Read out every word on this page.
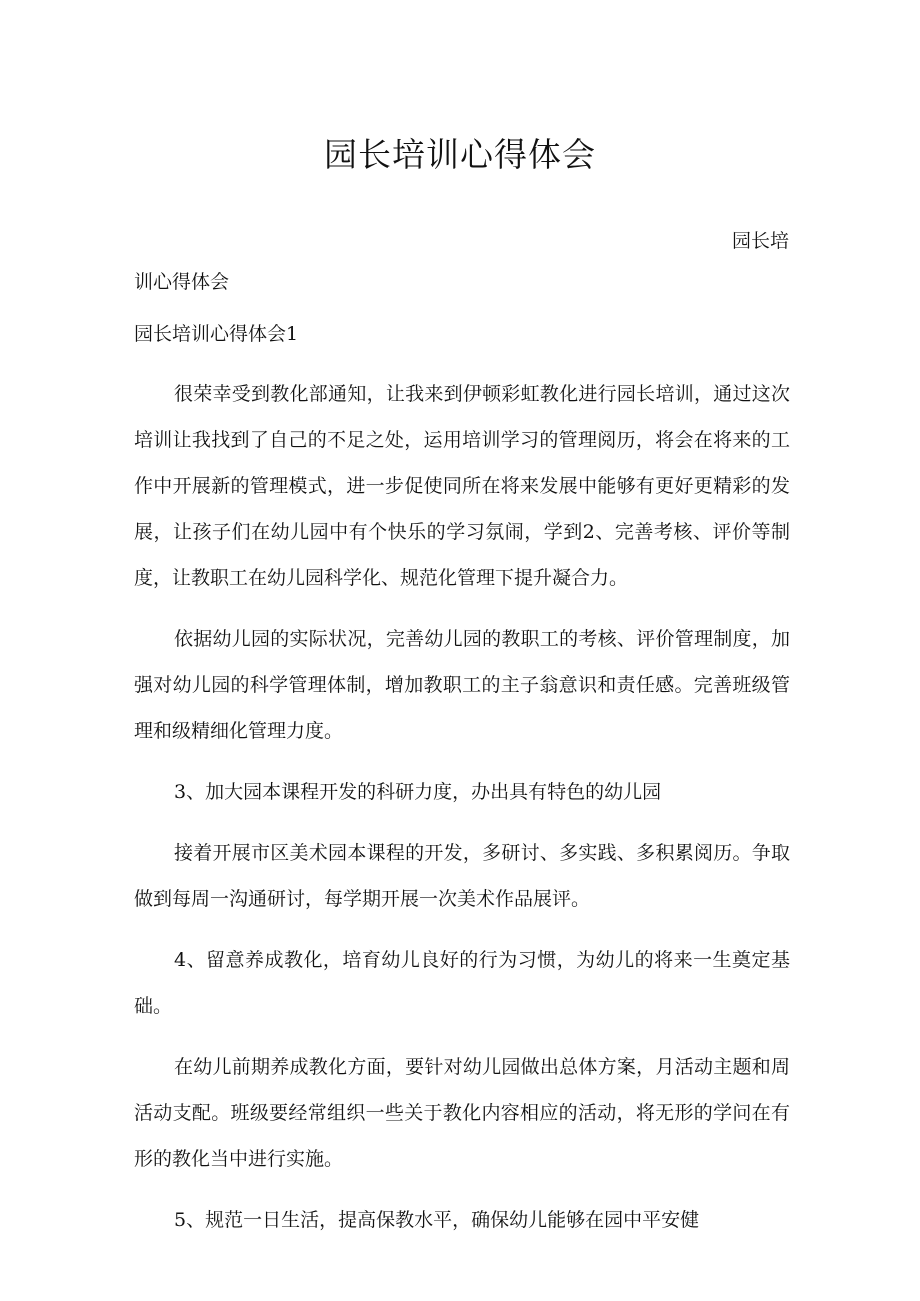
园长培训心得体会
园长培
训心得体会
园长培训心得体会1

很荣幸受到教化部通知，让我来到伊顿彩虹教化进行园长培训，通过这次培训让我找到了自己的不足之处，运用培训学习的管理阅历，将会在将来的工作中开展新的管理模式，进一步促使同所在将来发展中能够有更好更精彩的发展，让孩子们在幼儿园中有个快乐的学习氛闹，学到2、完善考核、评价等制度，让教职工在幼儿园科学化、规范化管理下提升凝合力。

依据幼儿园的实际状况，完善幼儿园的教职工的考核、评价管理制度，加强对幼儿园的科学管理体制，增加教职工的主子翁意识和责任感。完善班级管理和级精细化管理力度。

3、加大园本课程开发的科研力度，办出具有特色的幼儿园

接着开展市区美术园本课程的开发，多研讨、多实践、多积累阅历。争取做到每周一沟通研讨，每学期开展一次美术作品展评。

4、留意养成教化，培育幼儿良好的行为习惯，为幼儿的将来一生奠定基础。

在幼儿前期养成教化方面，要针对幼儿园做出总体方案，月活动主题和周活动支配。班级要经常组织一些关于教化内容相应的活动，将无形的学问在有形的教化当中进行实施。

5、规范一日生活，提高保教水平，确保幼儿能够在园中平安健
